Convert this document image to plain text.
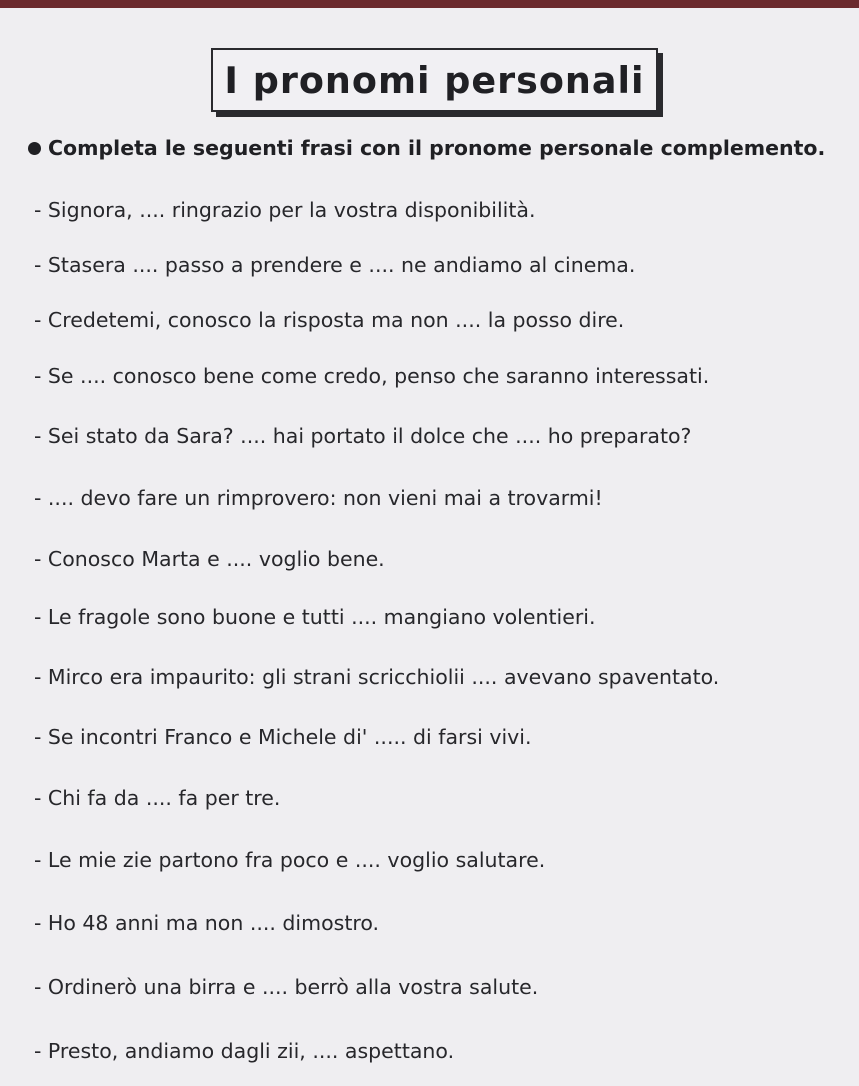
I pronomi personali
Completa le seguenti frasi con il pronome personale complemento.
- Signora, .... ringrazio per la vostra disponibilità.
- Stasera .... passo a prendere e .... ne andiamo al cinema.
- Credetemi, conosco la risposta ma non .... la posso dire.
- Se .... conosco bene come credo, penso che saranno interessati.
- Sei stato da Sara? .... hai portato il dolce che .... ho preparato?
- .... devo fare un rimprovero: non vieni mai a trovarmi!
- Conosco Marta e .... voglio bene.
- Le fragole sono buone e tutti .... mangiano volentieri.
- Mirco era impaurito: gli strani scricchiolii .... avevano spaventato.
- Se incontri Franco e Michele di' ..... di farsi vivi.
- Chi fa da .... fa per tre.
- Le mie zie partono fra poco e .... voglio salutare.
- Ho 48 anni ma non .... dimostro.
- Ordinerò una birra e .... berrò alla vostra salute.
- Presto, andiamo dagli zii, .... aspettano.
